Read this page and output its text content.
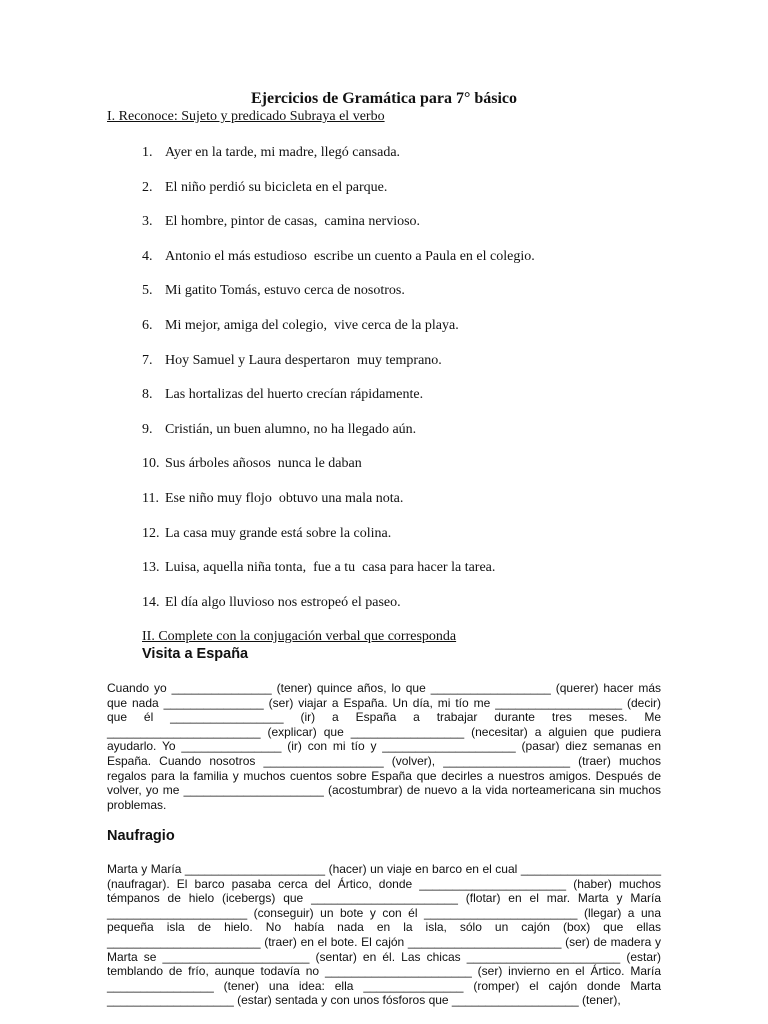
Ejercicios de Gramática para 7° básico
I. Reconoce: Sujeto y predicado Subraya el verbo
1. Ayer en la tarde, mi madre, llegó cansada.
2. El niño perdió su bicicleta en el parque.
3. El hombre, pintor de casas,  camina nervioso.
4. Antonio el más estudioso  escribe un cuento a Paula en el colegio.
5. Mi gatito Tomás, estuvo cerca de nosotros.
6. Mi mejor, amiga del colegio,  vive cerca de la playa.
7. Hoy Samuel y Laura despertaron  muy temprano.
8. Las hortalizas del huerto crecían rápidamente.
9. Cristián, un buen alumno, no ha llegado aún.
10. Sus árboles añosos  nunca le daban
11. Ese niño muy flojo  obtuvo una mala nota.
12. La casa muy grande está sobre la colina.
13. Luisa, aquella niña tonta,  fue a tu  casa para hacer la tarea.
14. El día algo lluvioso nos estropeó el paseo.
II. Complete con la conjugación verbal que corresponda
Visita a España

Cuando yo _______________ (tener) quince años, lo que __________________ (querer) hacer más que nada _______________ (ser) viajar a España. Un día, mi tío me ___________________ (decir) que él _________________ (ir) a España a trabajar durante tres meses. Me _______________________ (explicar) que _________________ (necesitar) a alguien que pudiera ayudarlo. Yo _______________ (ir) con mi tío y ____________________ (pasar) diez semanas en España. Cuando nosotros __________________ (volver), ___________________ (traer) muchos regalos para la familia y muchos cuentos sobre España que decirles a nuestros amigos. Después de volver, yo me _____________________ (acostumbrar) de nuevo a la vida norteamericana sin muchos problemas.

Naufragio

Marta y María _____________________ (hacer) un viaje en barco en el cual _____________________ (naufragar). El barco pasaba cerca del Ártico, donde ______________________ (haber) muchos témpanos de hielo (icebergs) que ______________________ (flotar) en el mar. Marta y María _____________________ (conseguir) un bote y con él _______________________ (llegar) a una pequeña isla de hielo. No había nada en la isla, sólo un cajón (box) que ellas _______________________ (traer) en el bote. El cajón _______________________ (ser) de madera y Marta se ______________________ (sentar) en él. Las chicas _______________________ (estar) temblando de frío, aunque todavía no ______________________ (ser) invierno en el Ártico. María ________________ (tener) una idea: ella _______________ (romper) el cajón donde Marta ___________________ (estar) sentada y con unos fósforos que ___________________ (tener),
